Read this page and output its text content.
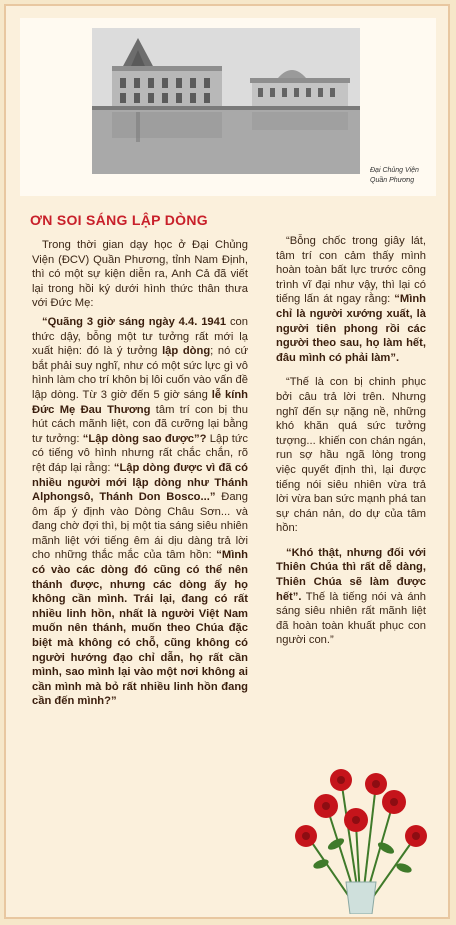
Đại Chủng Viện
Quần Phương
ƠN SOI SÁNG LẬP DÒNG

Trong thời gian dạy học ở Đại Chủng Viện (ĐCV) Quần Phương, tỉnh Nam Định, thì có một sự kiện diễn ra, Anh Cả đã viết lại trong hồi ký dưới hình thức thân thưa với Đức Mẹ:

“Quãng 3 giờ sáng ngày 4.4. 1941 con thức dậy, bỗng một tư tưởng rất mới lạ xuất hiện: đó là ý tưởng lập dòng; nó cứ bắt phải suy nghĩ, như có một sức lực gì vô hình làm cho trí khôn bị lôi cuốn vào vấn đề lập dòng. Từ 3 giờ đến 5 giờ sáng lễ kính Đức Mẹ Đau Thương tâm trí con bị thu hút cách mãnh liệt, con đã cưỡng lại bằng tư tưởng: “Lập dòng sao được”? Lập tức có tiếng vô hình nhưng rất chắc chắn, rõ rệt đáp lại rằng: “Lập dòng được vì đã có nhiều người mới lập dòng như Thánh Alphongsô, Thánh Don Bosco...” Đang ôm ấp ý định vào Dòng Châu Sơn... và đang chờ đợi thì, bị một tia sáng siêu nhiên mãnh liệt với tiếng êm ái dịu dàng trả lời cho những thắc mắc của tâm hồn: “Mình có vào các dòng đó cũng có thể nên thánh được, nhưng các dòng ấy họ không cần mình. Trái lại, đang có rất nhiều linh hồn, nhất là người Việt Nam muốn nên thánh, muốn theo Chúa đặc biệt mà không có chỗ, cũng không có người hướng đạo chỉ dẫn, họ rất cần mình, sao mình lại vào một nơi không ai cần mình mà bỏ rất nhiều linh hồn đang cần đến mình?”

“Bỗng chốc trong giây lát, tâm trí con cảm thấy mình hoàn toàn bất lực trước công trình vĩ đại như vậy, thì lại có tiếng lấn át ngay rằng: “Mình chỉ là người xướng xuất, là người tiên phong rồi các người theo sau, họ làm hết, đâu mình có phải làm”.

“Thế là con bị chinh phục bởi câu trả lời trên. Nhưng nghĩ đến sự nặng nề, những khó khăn quá sức tưởng tượng... khiến con chán ngán, run sợ hầu ngã lòng trong việc quyết định thì, lại được tiếng nói siêu nhiên vừa trả lời vừa ban sức mạnh phá tan sự chán nản, do dự của tâm hồn:

“Khó thật, nhưng đối với Thiên Chúa thì rất dễ dàng, Thiên Chúa sẽ làm được hết”. Thế là tiếng nói và ánh sáng siêu nhiên rất mãnh liệt đã hoàn toàn khuất phục con người con.”
